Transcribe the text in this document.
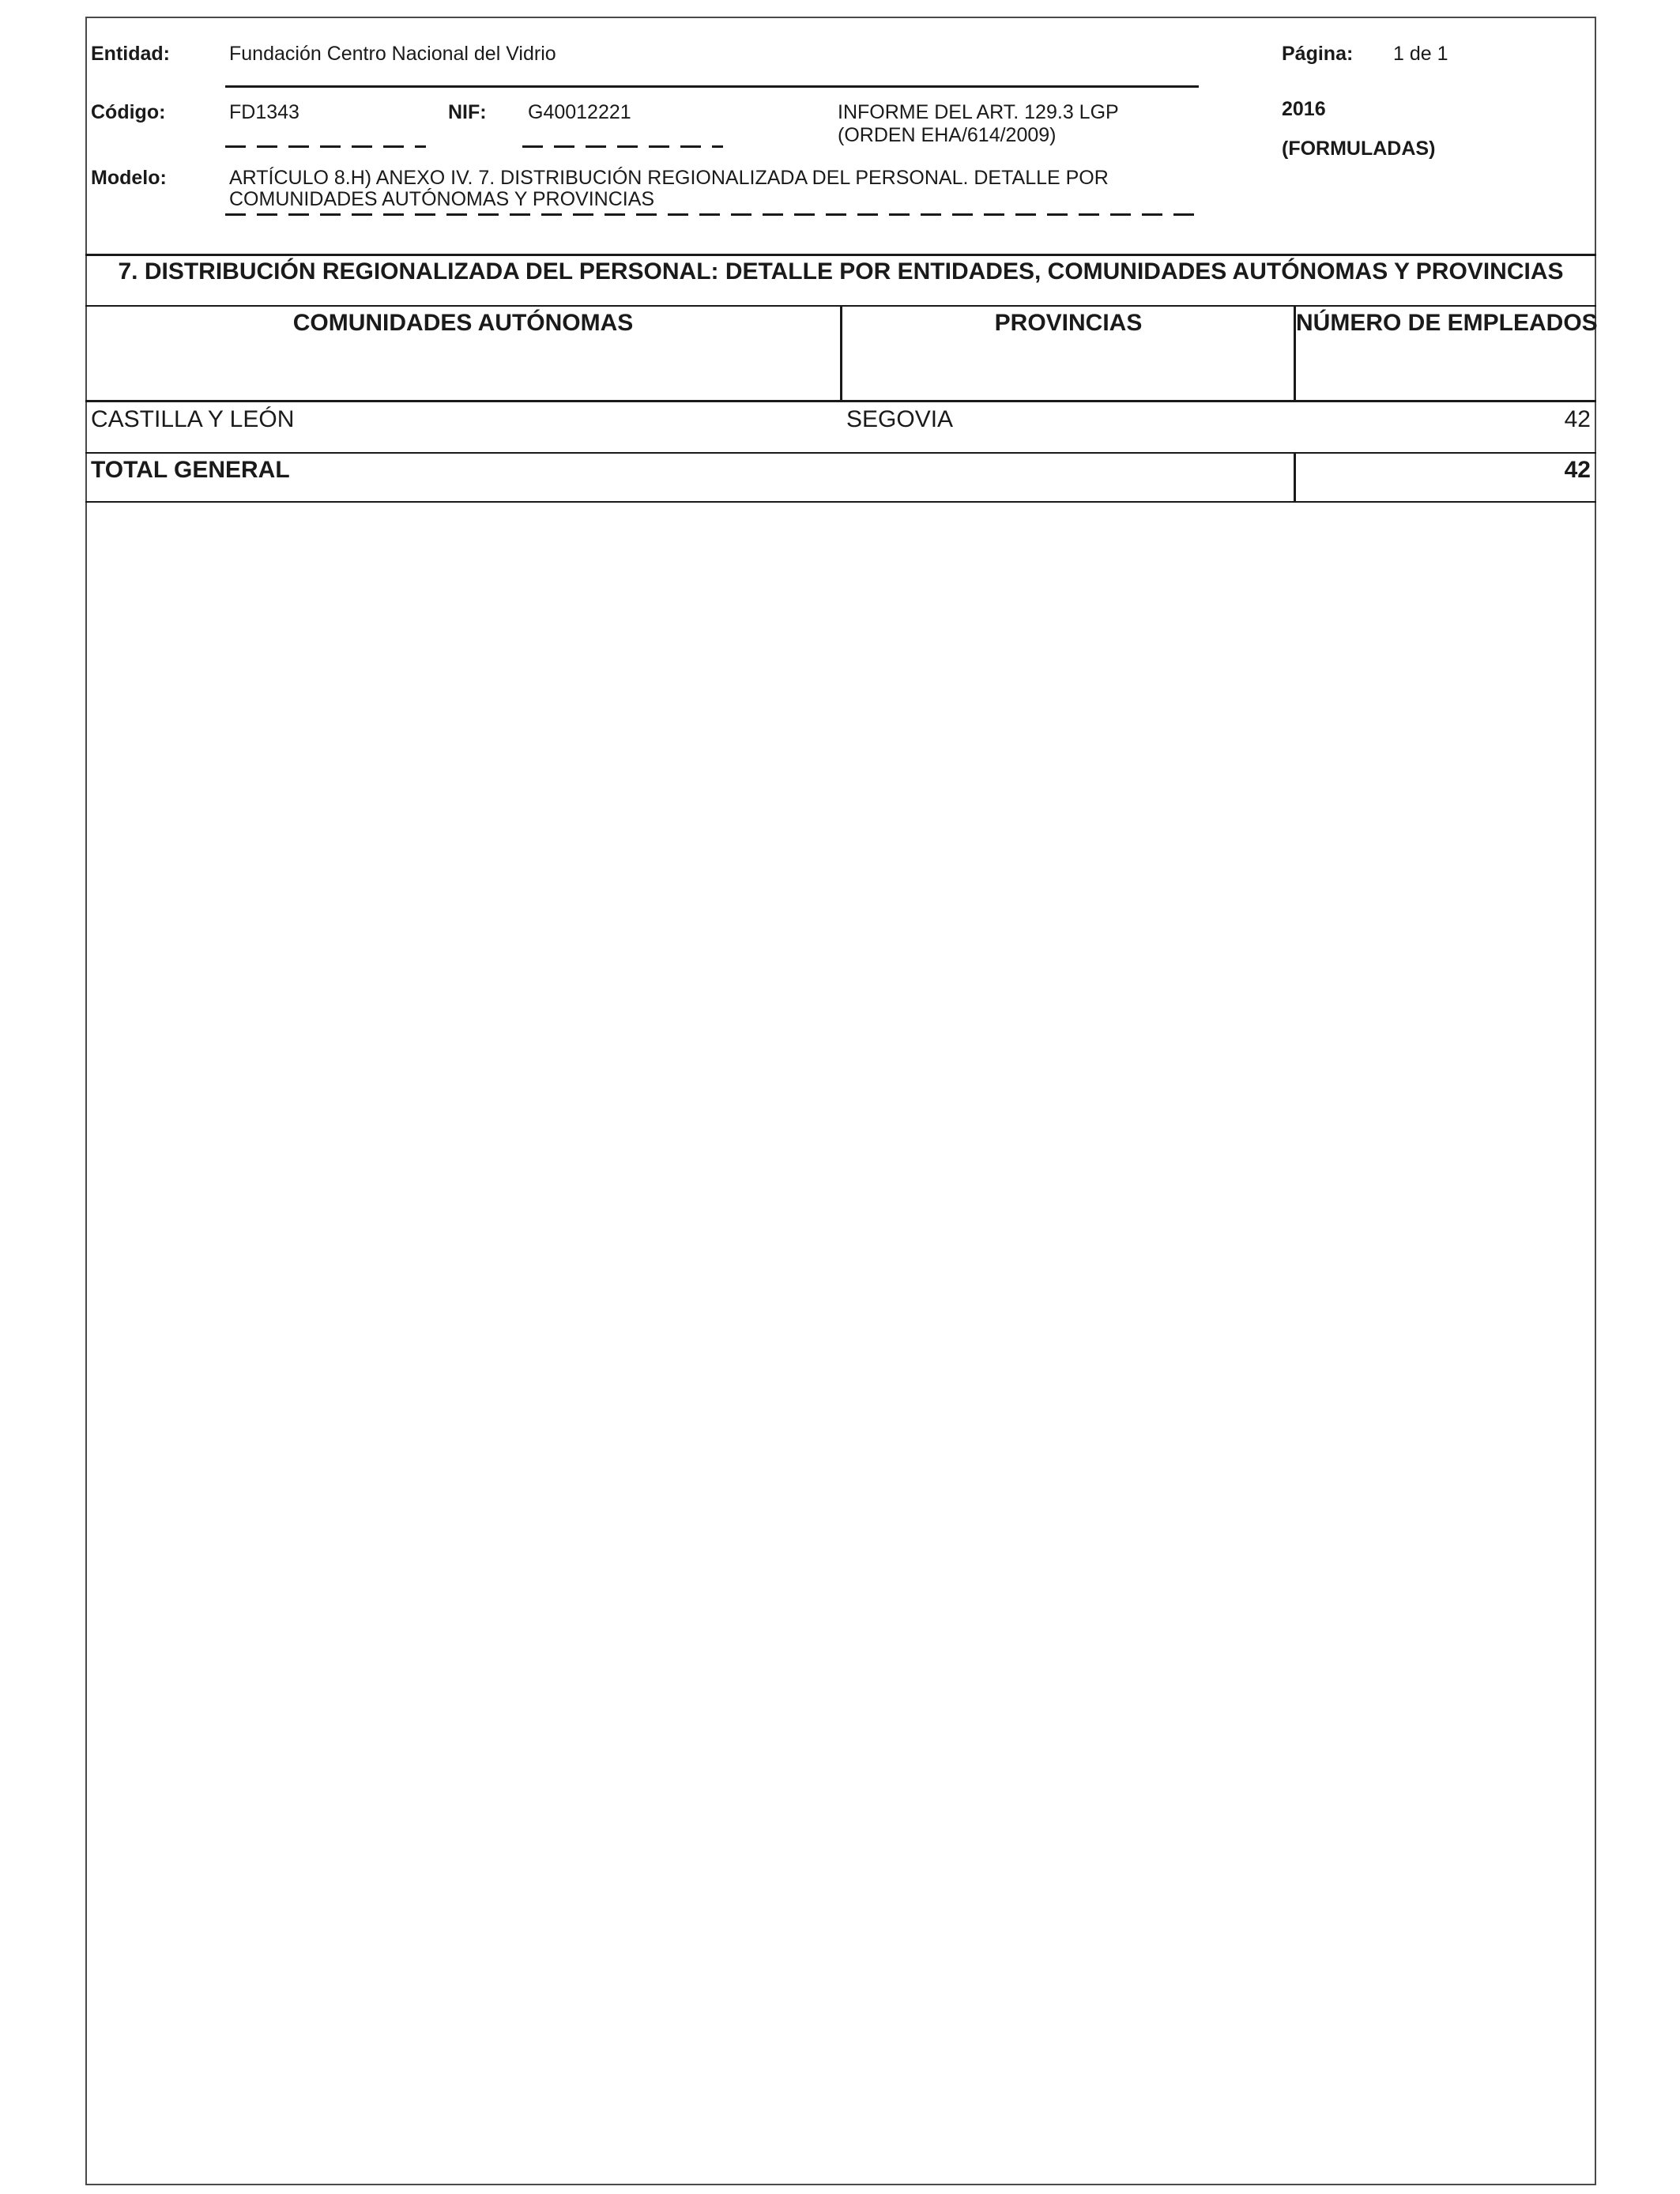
Entidad:	Fundación Centro Nacional del Vidrio	Página: 1 de 1
Código:	FD1343	NIF: G40012221	INFORME DEL ART. 129.3 LGP
(ORDEN EHA/614/2009)
2016
(FORMULADAS)
Modelo:	ARTÍCULO 8.H) ANEXO IV. 7. DISTRIBUCIÓN REGIONALIZADA DEL PERSONAL. DETALLE POR
COMUNIDADES AUTÓNOMAS Y PROVINCIAS
7. DISTRIBUCIÓN REGIONALIZADA DEL PERSONAL: DETALLE POR ENTIDADES, COMUNIDADES AUTÓNOMAS Y PROVINCIAS
COMUNIDADES AUTÓNOMAS	PROVINCIAS	NÚMERO DE EMPLEADOS
CASTILLA Y LEÓN	SEGOVIA	42
TOTAL GENERAL	42
